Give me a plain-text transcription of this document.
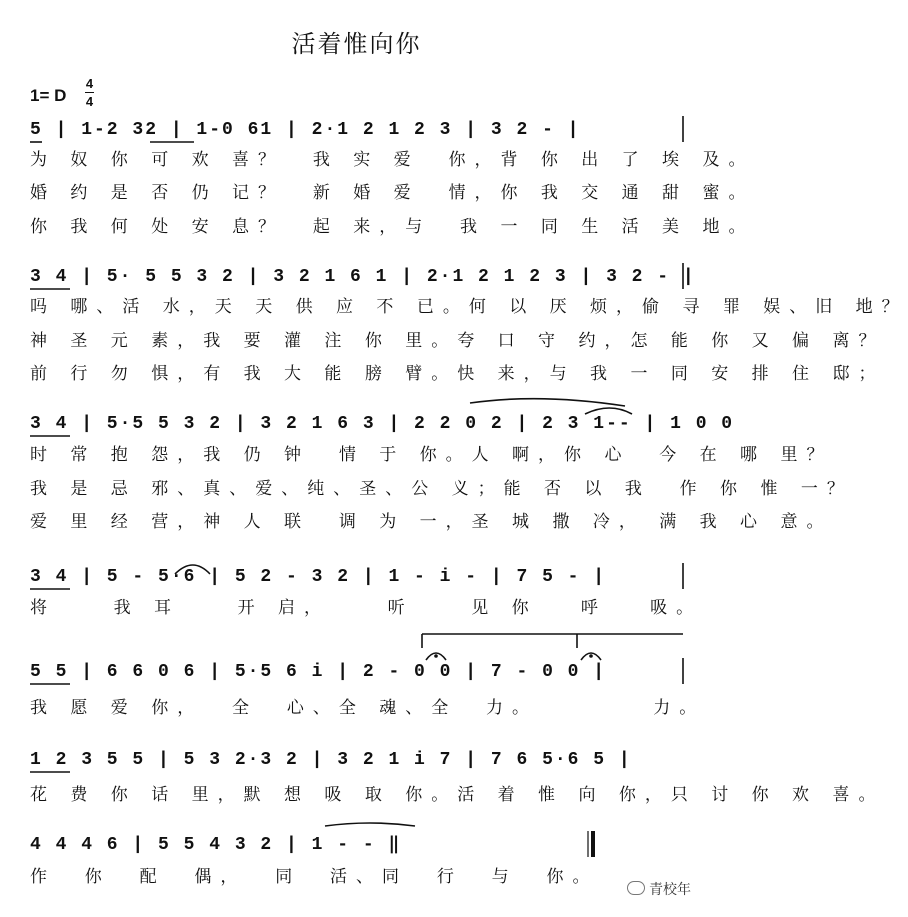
活着惟向你
1= D
4
4
5 | 1-2 32 | 1-0 61 | 2·1 2 1 2 3 | 3 2 - |
为 奴 你 可 欢 喜？  我 实 爱  你，背 你 出 了 埃 及。
婚 约 是 否 仍 记？  新 婚 爱  情，你 我 交 通 甜 蜜。
你 我 何 处 安 息？  起 来，与  我 一 同 生 活 美 地。
3 4 | 5· 5 5 3 2 | 3 2 1 6 1 | 2·1 2 1 2 3 | 3 2 - |
吗 哪、活 水，天 天 供 应 不 已。何 以 厌 烦，偷 寻 罪 娱、旧 地？
神 圣 元 素，我 要 灌 注 你 里。夸 口 守 约，怎 能 你 又 偏 离？
前 行 勿 惧，有 我 大 能 膀 臂。快 来，与 我 一 同 安 排 住 邸；
3 4 | 5·5 5 3 2 | 3 2 1 6 3 | 2 2 0 2 | 2 3 1-- | 1 0 0
时 常 抱 怨，我 仍 钟  情 于 你。人 啊，你 心  今 在 哪 里？
我 是 忌 邪、真、爱、纯、圣、公 义；能 否 以 我  作 你 惟 一？
爱 里 经 营，神 人 联  调 为 一，圣 城 撒 冷， 满 我 心 意。
3 4 | 5 - 5·6 | 5 2 - 3 2 | 1 - i - | 7 5 - |
将    我 耳    开 启，    听    见 你   呼   吸。
5 5 | 6 6 0 6 | 5·5 6 i | 2 - 0 0 | 7 - 0 0 |
我 愿 爱 你，  全  心、全 魂、全  力。        力。
1 2 3 5 5 | 5 3 2·3 2 | 3 2 1 i 7 | 7 6 5·6 5 |
花 费 你 话 里，默 想 吸 取 你。活 着 惟 向 你，只 讨 你 欢 喜。
4 4 4 6 | 5 5 4 3 2 | 1 - - ‖
作  你  配  偶，  同  活、同  行  与  你。
青校年
